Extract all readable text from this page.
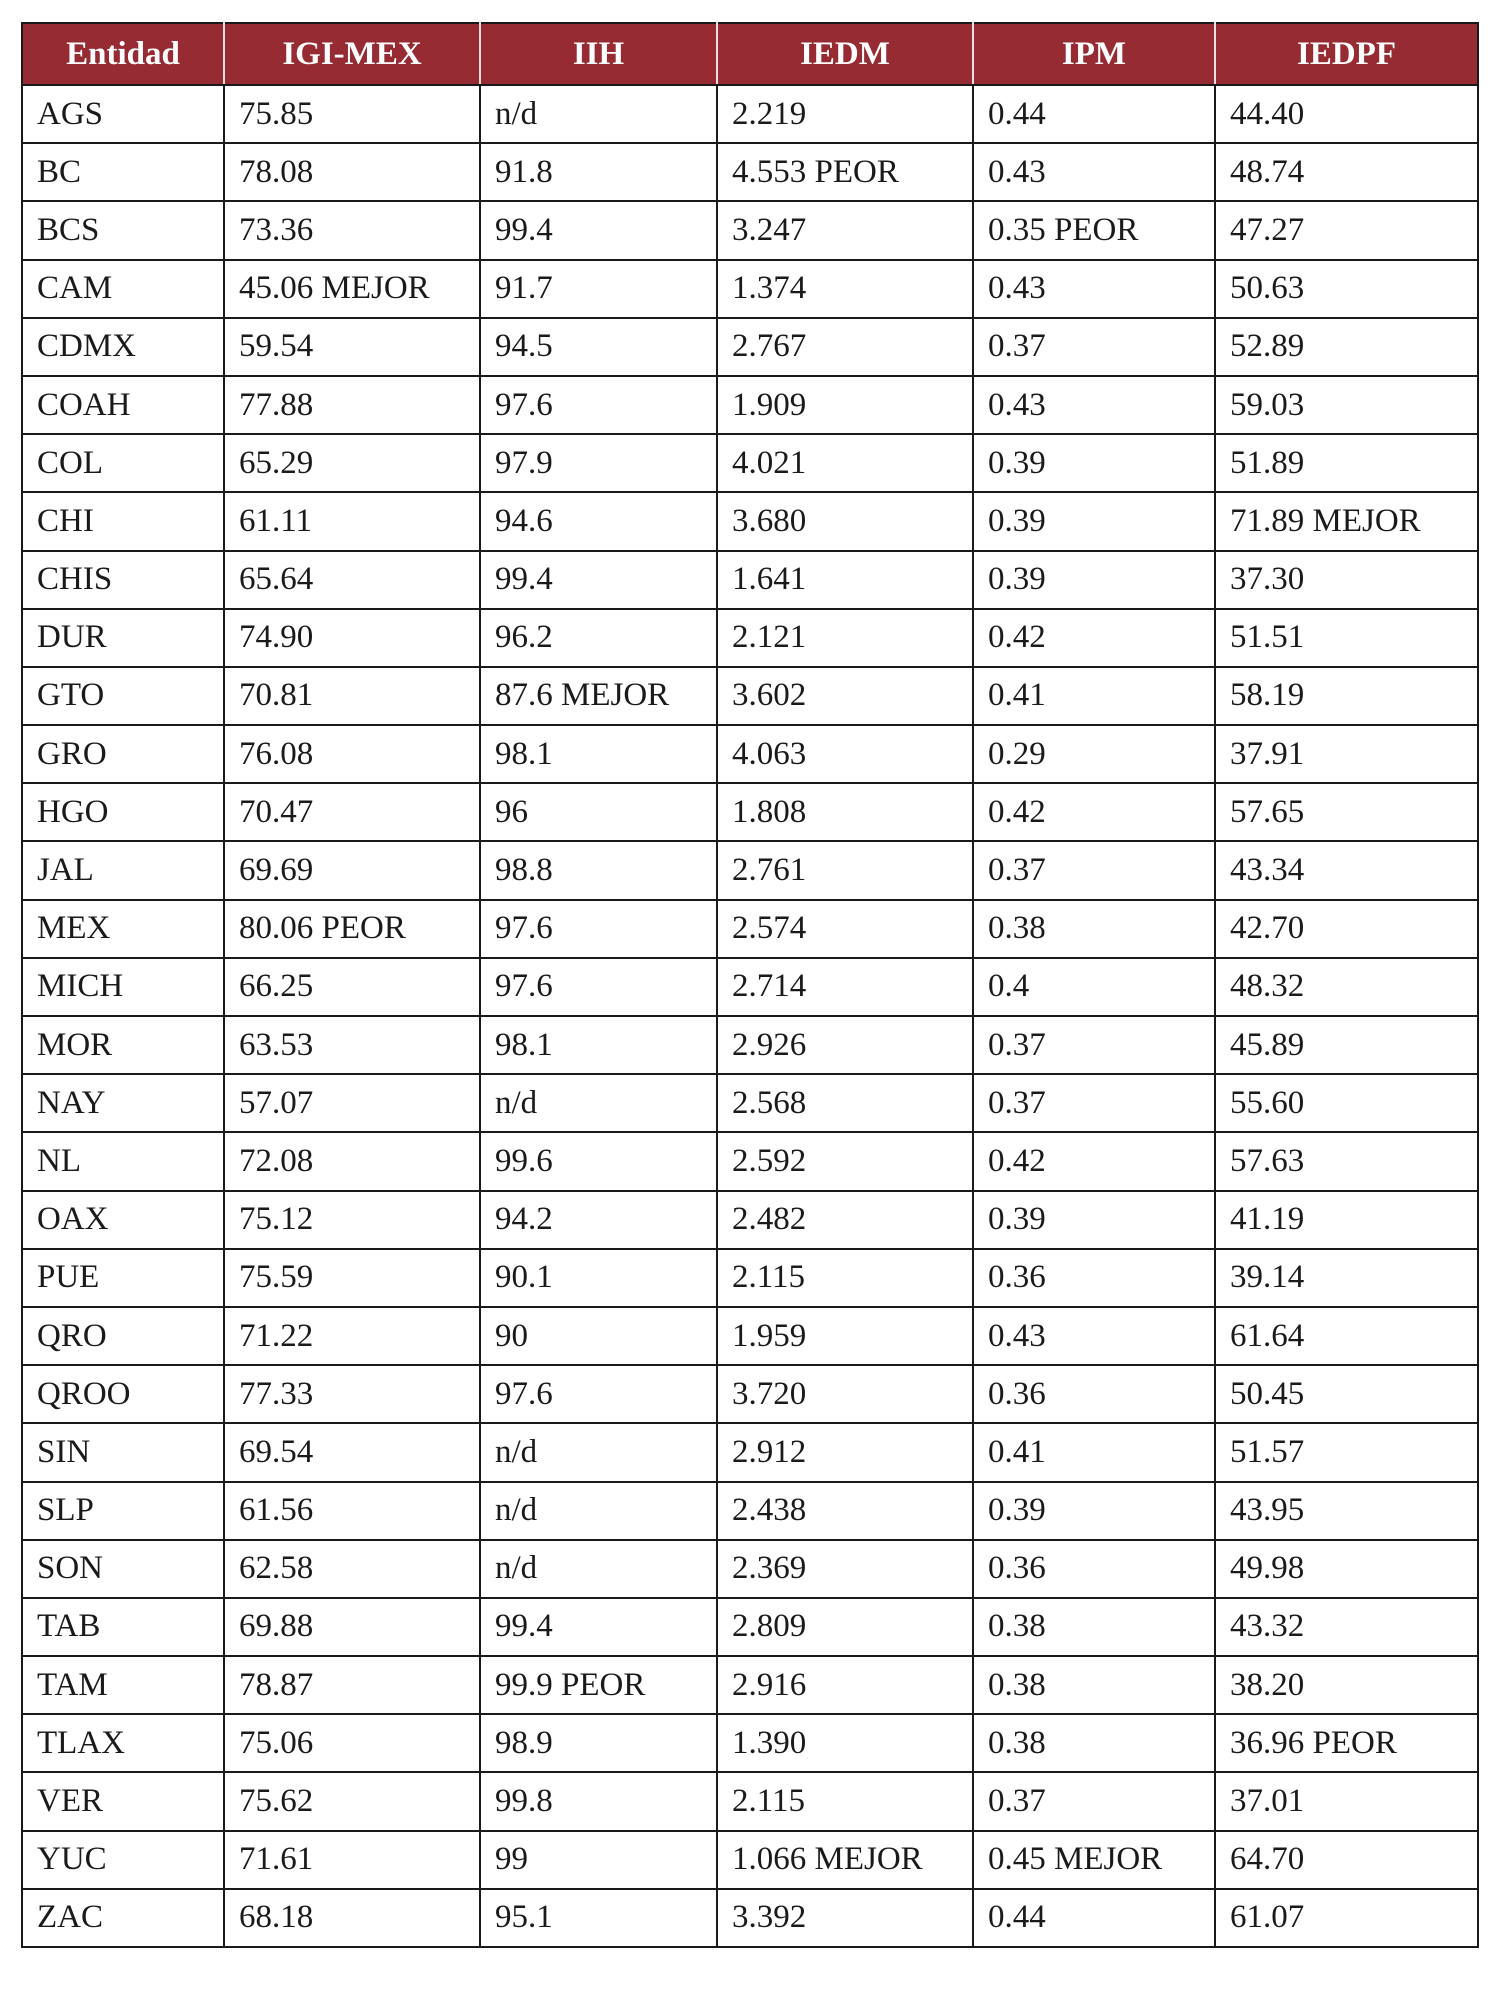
Entidad	IGI-MEX	IIH	IEDM	IPM	IEDPF
AGS	75.85	n/d	2.219	0.44	44.40
BC	78.08	91.8	4.553 PEOR	0.43	48.74
BCS	73.36	99.4	3.247	0.35 PEOR	47.27
CAM	45.06 MEJOR	91.7	1.374	0.43	50.63
CDMX	59.54	94.5	2.767	0.37	52.89
COAH	77.88	97.6	1.909	0.43	59.03
COL	65.29	97.9	4.021	0.39	51.89
CHI	61.11	94.6	3.680	0.39	71.89 MEJOR
CHIS	65.64	99.4	1.641	0.39	37.30
DUR	74.90	96.2	2.121	0.42	51.51
GTO	70.81	87.6 MEJOR	3.602	0.41	58.19
GRO	76.08	98.1	4.063	0.29	37.91
HGO	70.47	96	1.808	0.42	57.65
JAL	69.69	98.8	2.761	0.37	43.34
MEX	80.06 PEOR	97.6	2.574	0.38	42.70
MICH	66.25	97.6	2.714	0.4	48.32
MOR	63.53	98.1	2.926	0.37	45.89
NAY	57.07	n/d	2.568	0.37	55.60
NL	72.08	99.6	2.592	0.42	57.63
OAX	75.12	94.2	2.482	0.39	41.19
PUE	75.59	90.1	2.115	0.36	39.14
QRO	71.22	90	1.959	0.43	61.64
QROO	77.33	97.6	3.720	0.36	50.45
SIN	69.54	n/d	2.912	0.41	51.57
SLP	61.56	n/d	2.438	0.39	43.95
SON	62.58	n/d	2.369	0.36	49.98
TAB	69.88	99.4	2.809	0.38	43.32
TAM	78.87	99.9 PEOR	2.916	0.38	38.20
TLAX	75.06	98.9	1.390	0.38	36.96 PEOR
VER	75.62	99.8	2.115	0.37	37.01
YUC	71.61	99	1.066 MEJOR	0.45 MEJOR	64.70
ZAC	68.18	95.1	3.392	0.44	61.07
